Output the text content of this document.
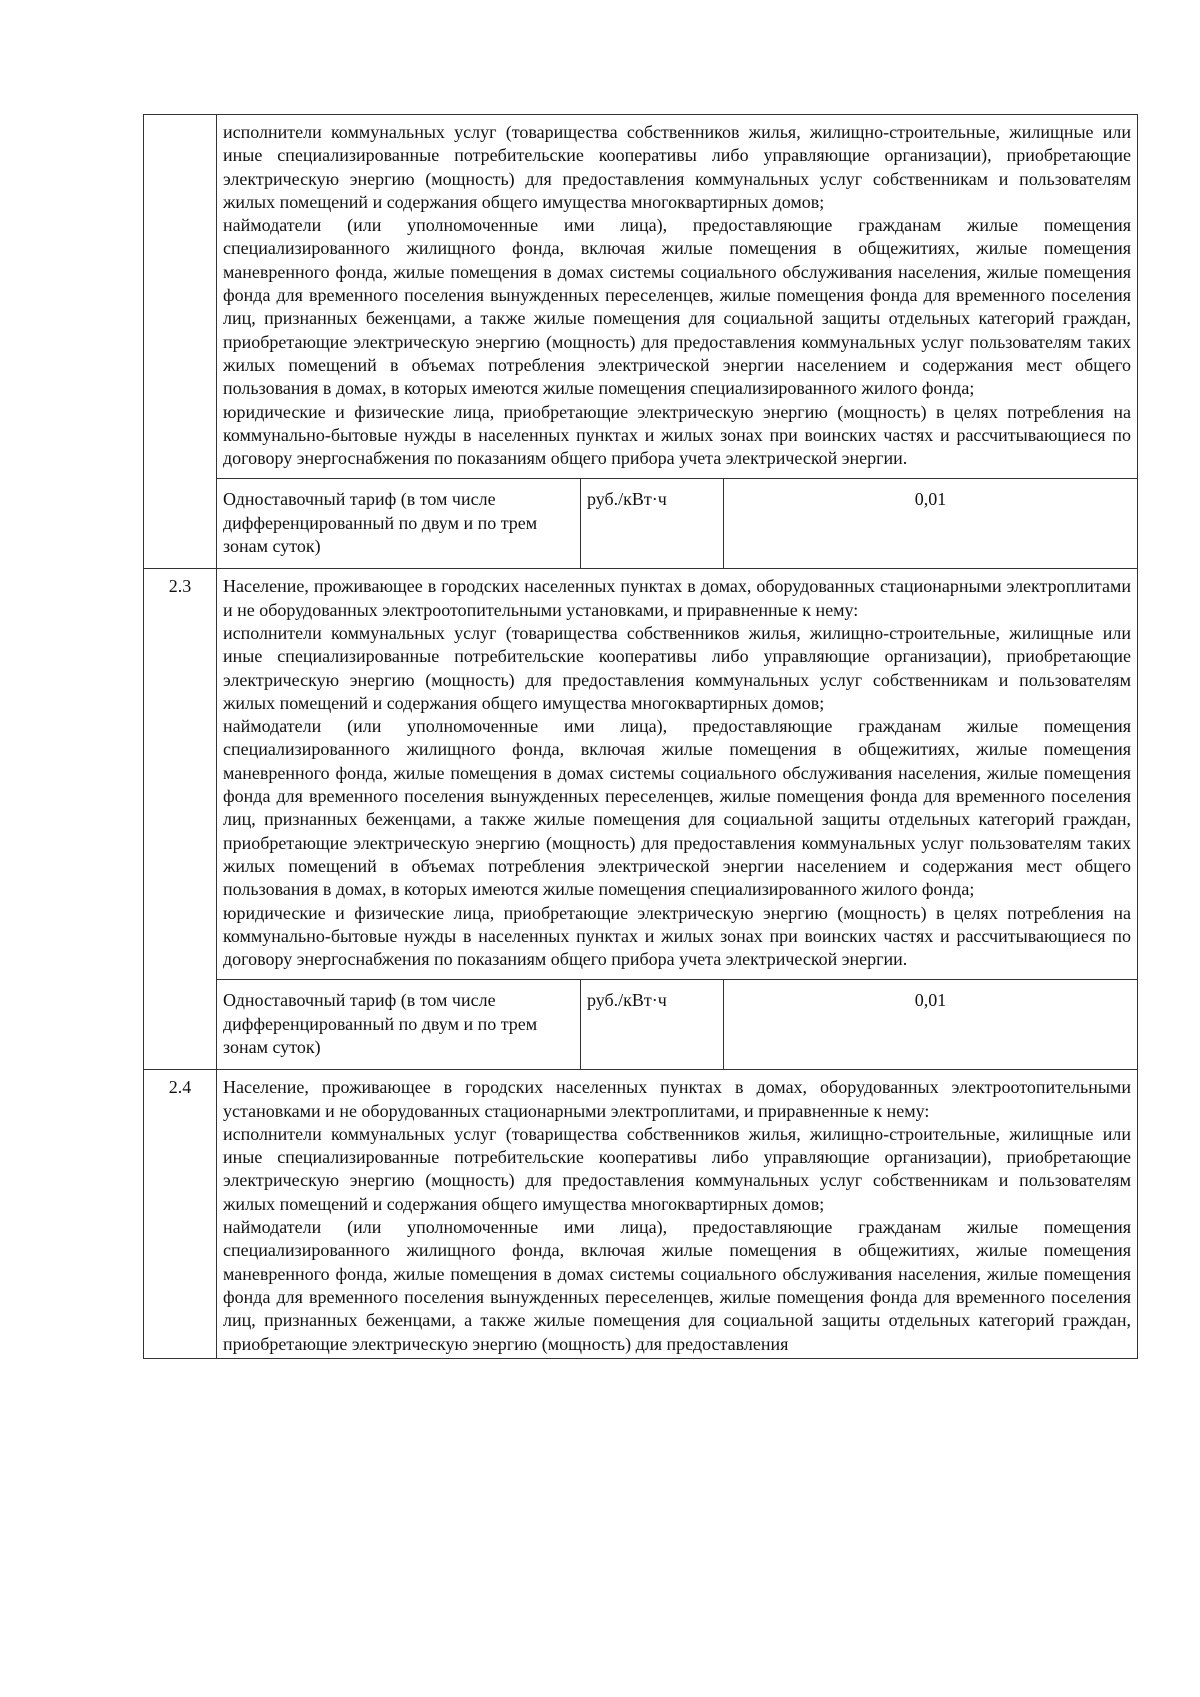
исполнители коммунальных услуг (товарищества собственников жилья, жилищно-строительные, жилищные или иные специализированные потребительские кооперативы либо управляющие организации), приобретающие электрическую энергию (мощность) для предоставления коммунальных услуг собственникам и пользователям жилых помещений и содержания общего имущества многоквартирных домов;

наймодатели (или уполномоченные ими лица), предоставляющие гражданам жилые помещения специализированного жилищного фонда, включая жилые помещения в общежитиях, жилые помещения маневренного фонда, жилые помещения в домах системы социального обслуживания населения, жилые помещения фонда для временного поселения вынужденных переселенцев, жилые помещения фонда для временного поселения лиц, признанных беженцами, а также жилые помещения для социальной защиты отдельных категорий граждан, приобретающие электрическую энергию (мощность) для предоставления коммунальных услуг пользователям таких жилых помещений в объемах потребления электрической энергии населением и содержания мест общего пользования в домах, в которых имеются жилые помещения специализированного жилого фонда;

юридические и физические лица, приобретающие электрическую энергию (мощность) в целях потребления на коммунально-бытовые нужды в населенных пунктах и жилых зонах при воинских частях и рассчитывающиеся по договору энергоснабжения по показаниям общего прибора учета электрической энергии.

Одноставочный тариф (в том числе дифференцированный по двум и по трем зонам суток)	руб./кВт·ч	0,01

2.3	Население, проживающее в городских населенных пунктах в домах, оборудованных стационарными электроплитами и не оборудованных электроотопительными установками, и приравненные к нему:

исполнители коммунальных услуг (товарищества собственников жилья, жилищно-строительные, жилищные или иные специализированные потребительские кооперативы либо управляющие организации), приобретающие электрическую энергию (мощность) для предоставления коммунальных услуг собственникам и пользователям жилых помещений и содержания общего имущества многоквартирных домов;

наймодатели (или уполномоченные ими лица), предоставляющие гражданам жилые помещения специализированного жилищного фонда, включая жилые помещения в общежитиях, жилые помещения маневренного фонда, жилые помещения в домах системы социального обслуживания населения, жилые помещения фонда для временного поселения вынужденных переселенцев, жилые помещения фонда для временного поселения лиц, признанных беженцами, а также жилые помещения для социальной защиты отдельных категорий граждан, приобретающие электрическую энергию (мощность) для предоставления коммунальных услуг пользователям таких жилых помещений в объемах потребления электрической энергии населением и содержания мест общего пользования в домах, в которых имеются жилые помещения специализированного жилого фонда;

юридические и физические лица, приобретающие электрическую энергию (мощность) в целях потребления на коммунально-бытовые нужды в населенных пунктах и жилых зонах при воинских частях и рассчитывающиеся по договору энергоснабжения по показаниям общего прибора учета электрической энергии.

Одноставочный тариф (в том числе дифференцированный по двум и по трем зонам суток)	руб./кВт·ч	0,01

2.4	Население, проживающее в городских населенных пунктах в домах, оборудованных электроотопительными установками и не оборудованных стационарными электроплитами, и приравненные к нему:

исполнители коммунальных услуг (товарищества собственников жилья, жилищно-строительные, жилищные или иные специализированные потребительские кооперативы либо управляющие организации), приобретающие электрическую энергию (мощность) для предоставления коммунальных услуг собственникам и пользователям жилых помещений и содержания общего имущества многоквартирных домов;

наймодатели (или уполномоченные ими лица), предоставляющие гражданам жилые помещения специализированного жилищного фонда, включая жилые помещения в общежитиях, жилые помещения маневренного фонда, жилые помещения в домах системы социального обслуживания населения, жилые помещения фонда для временного поселения вынужденных переселенцев, жилые помещения фонда для временного поселения лиц, признанных беженцами, а также жилые помещения для социальной защиты отдельных категорий граждан, приобретающие электрическую энергию (мощность) для предоставления
